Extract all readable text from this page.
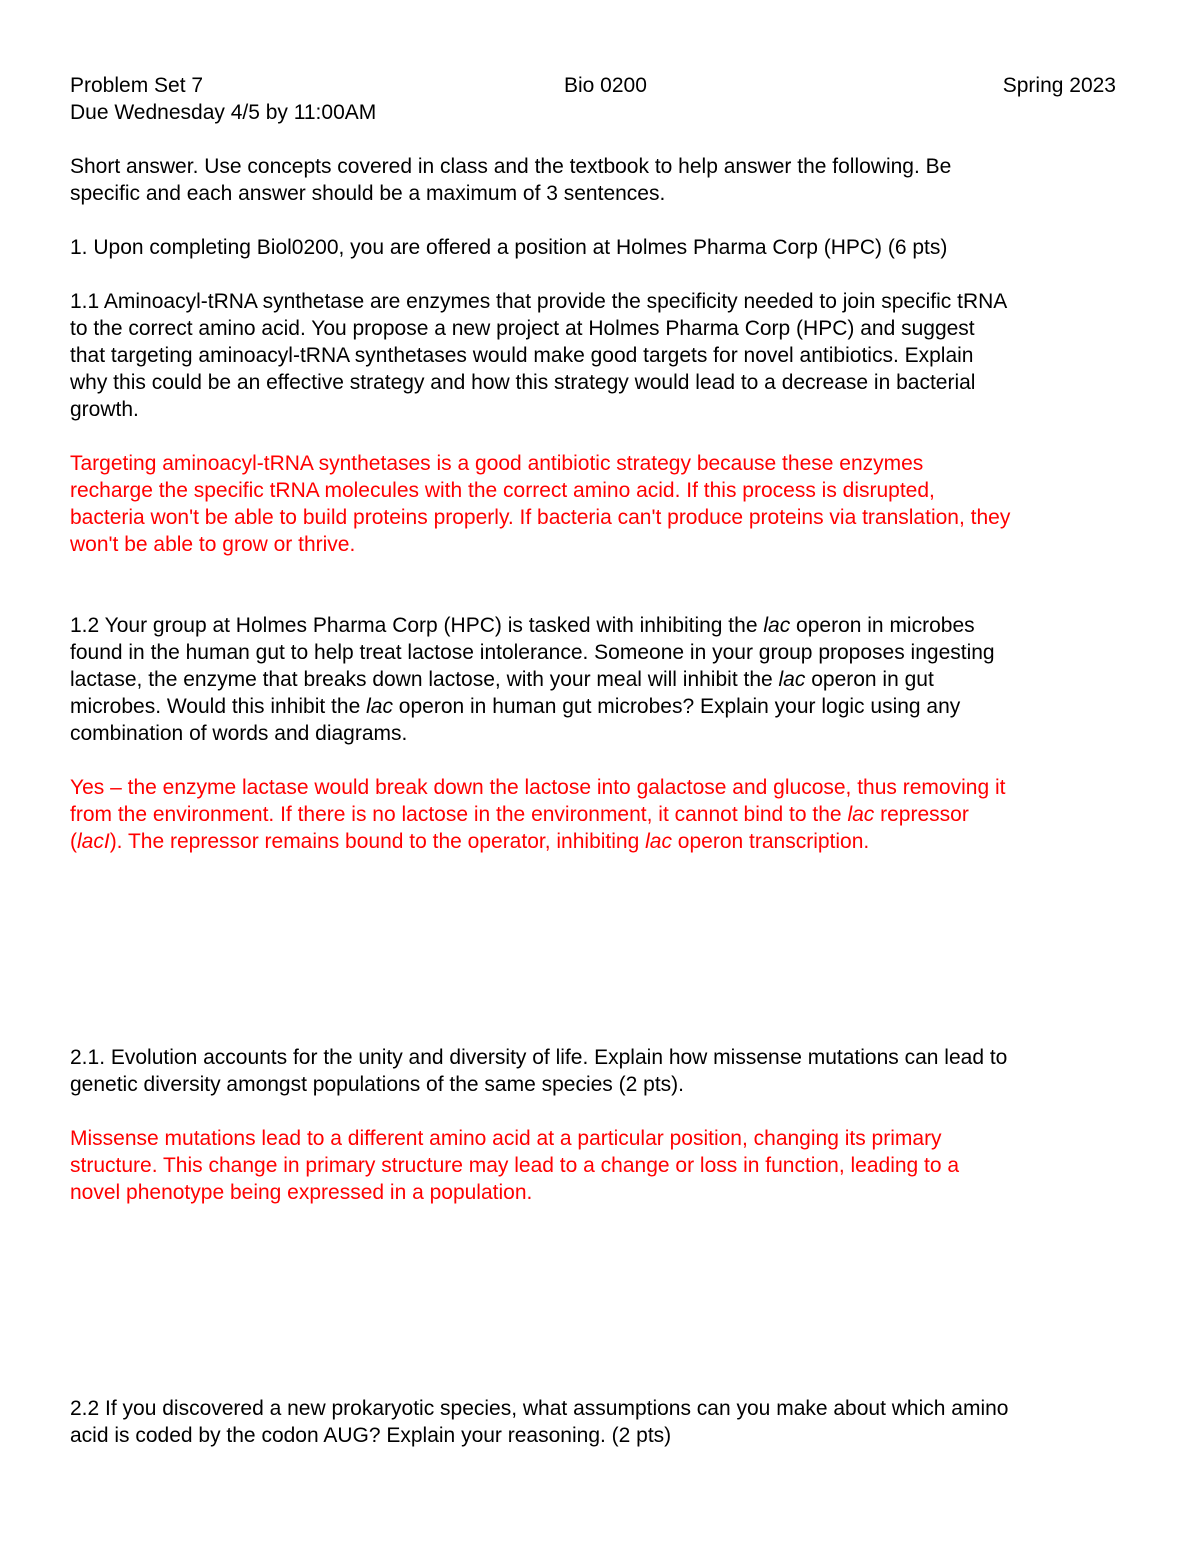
Problem Set 7	Bio 0200	Spring 2023

Due Wednesday 4/5 by 11:00AM

Short answer. Use concepts covered in class and the textbook to help answer the following. Be

specific and each answer should be a maximum of 3 sentences.

1. Upon completing Biol0200, you are offered a position at Holmes Pharma Corp (HPC) (6 pts)

1.1 Aminoacyl-tRNA synthetase are enzymes that provide the specificity needed to join specific tRNA

to the correct amino acid. You propose a new project at Holmes Pharma Corp (HPC) and suggest

that targeting aminoacyl-tRNA synthetases would make good targets for novel antibiotics. Explain

why this could be an effective strategy and how this strategy would lead to a decrease in bacterial

growth.

Targeting aminoacyl-tRNA synthetases is a good antibiotic strategy because these enzymes

recharge the specific tRNA molecules with the correct amino acid. If this process is disrupted,

bacteria won't be able to build proteins properly. If bacteria can't produce proteins via translation, they

won't be able to grow or thrive.

1.2 Your group at Holmes Pharma Corp (HPC) is tasked with inhibiting the lac operon in microbes

found in the human gut to help treat lactose intolerance. Someone in your group proposes ingesting

lactase, the enzyme that breaks down lactose, with your meal will inhibit the lac operon in gut

microbes. Would this inhibit the lac operon in human gut microbes? Explain your logic using any

combination of words and diagrams.

Yes – the enzyme lactase would break down the lactose into galactose and glucose, thus removing it

from the environment. If there is no lactose in the environment, it cannot bind to the lac repressor

(lacI). The repressor remains bound to the operator, inhibiting lac operon transcription.

2.1. Evolution accounts for the unity and diversity of life. Explain how missense mutations can lead to

genetic diversity amongst populations of the same species (2 pts).

Missense mutations lead to a different amino acid at a particular position, changing its primary

structure. This change in primary structure may lead to a change or loss in function, leading to a

novel phenotype being expressed in a population.

2.2 If you discovered a new prokaryotic species, what assumptions can you make about which amino

acid is coded by the codon AUG? Explain your reasoning. (2 pts)
